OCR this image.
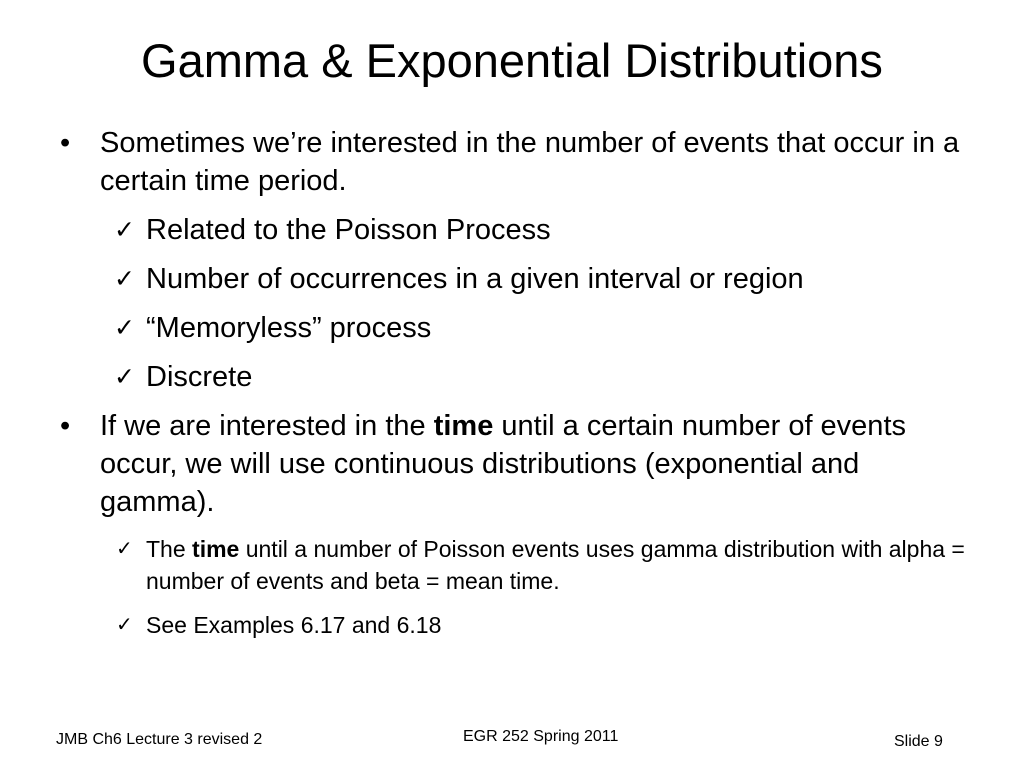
Gamma & Exponential Distributions
•	Sometimes we’re interested in the number of events that occur in a certain time period.
✓ Related to the Poisson Process
✓ Number of occurrences in a given interval or region
✓ “Memoryless” process
✓ Discrete
•	If we are interested in the time until a certain number of events occur, we will use continuous distributions (exponential and gamma).
✓ The time until a number of Poisson events uses gamma distribution with alpha = number of events and beta = mean time.
✓ See Examples 6.17 and 6.18
JMB Ch6 Lecture 3 revised 2	EGR 252 Spring 2011	Slide 9
